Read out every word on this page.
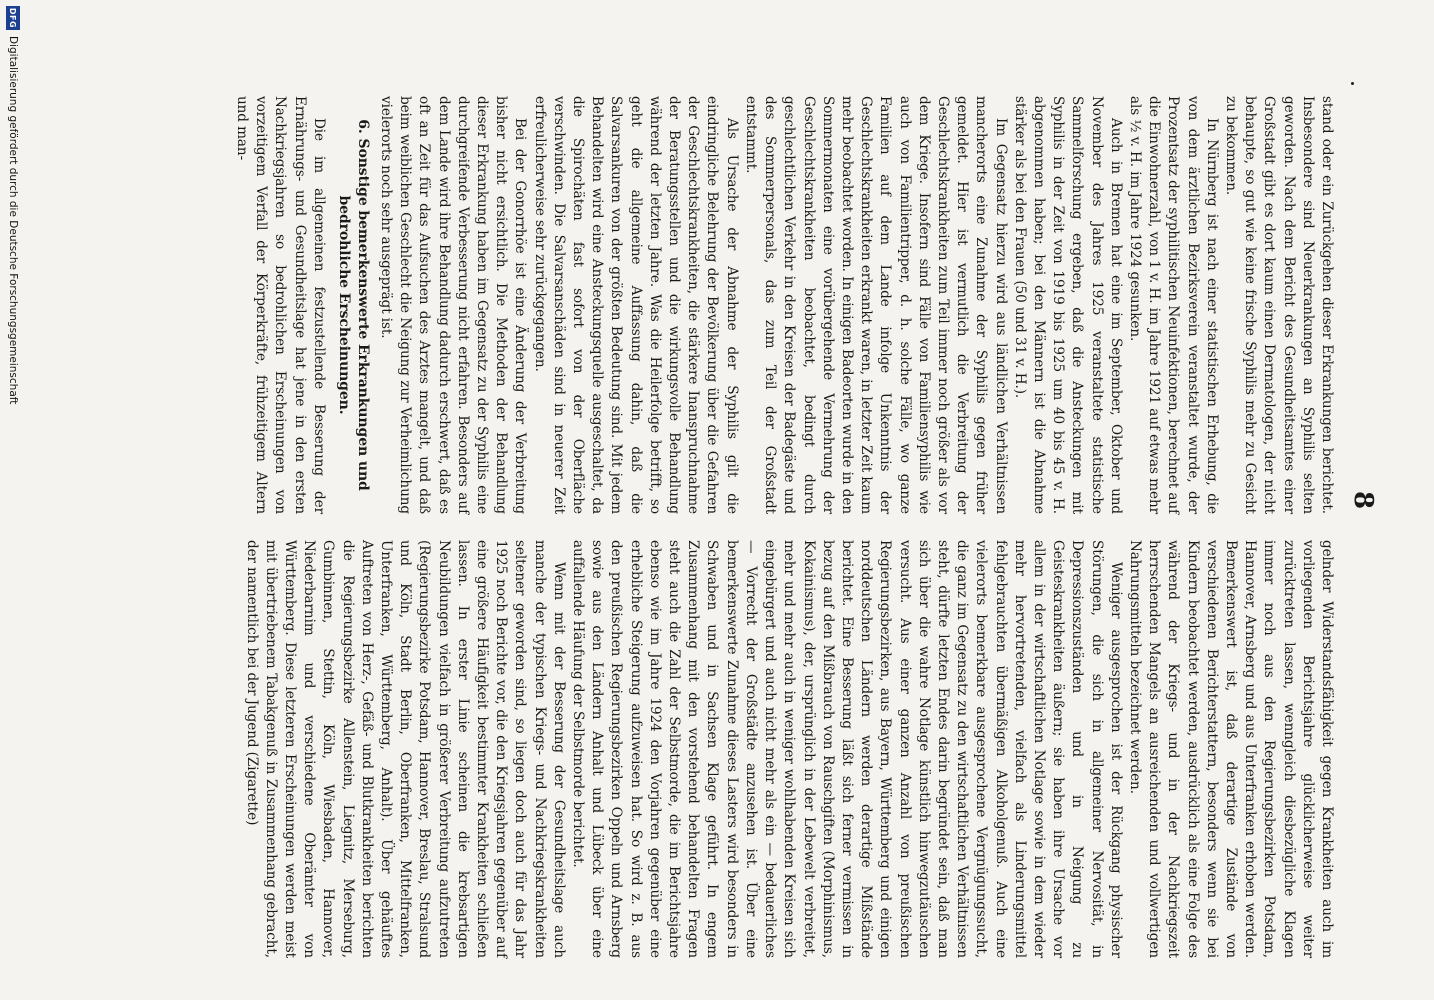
8

stand oder ein Zurückgehen dieser Erkrankungen berichtet. Insbesondere sind Neuerkrankungen an Syphilis selten geworden. Nach dem Bericht des Gesundheitsamtes einer Großstadt gibt es dort kaum einen Dermatologen, der nicht behaupte, so gut wie keine frische Syphilis mehr zu Gesicht zu bekommen.

In Nürnberg ist nach einer statistischen Erhebung, die von dem ärztlichen Bezirksverein veranstaltet wurde, der Prozentsatz der syphilitischen Neuinfektionen, berechnet auf die Einwohnerzahl, von 1 v. H. im Jahre 1921 auf etwas mehr als ½ v. H. im Jahre 1924 gesunken.

Auch in Bremen hat eine im September, Oktober und November des Jahres 1925 veranstaltete statistische Sammelforschung ergeben, daß die Ansteckungen mit Syphilis in der Zeit von 1919 bis 1925 um 40 bis 45 v. H. abgenommen haben; bei den Männern ist die Abnahme stärker als bei den Frauen (50 und 31 v. H.).

Im Gegensatz hierzu wird aus ländlichen Verhältnissen mancherorts eine Zunahme der Syphilis gegen früher gemeldet. Hier ist vermutlich die Verbreitung der Geschlechtskrankheiten zum Teil immer noch größer als vor dem Kriege. Insofern sind Fälle von Familiensyphilis wie auch von Familientripper, d. h. solche Fälle, wo ganze Familien auf dem Lande infolge Unkenntnis der Geschlechtskrankheiten erkrankt waren, in letzter Zeit kaum mehr beobachtet worden. In einigen Badeorten wurde in den Sommermonaten eine vorübergehende Vermehrung der Geschlechtskrankheiten beobachtet, bedingt durch geschlechtlichen Verkehr in den Kreisen der Badegäste und des Sommerpersonals, das zum Teil der Großstadt entstammt.

Als Ursache der Abnahme der Syphilis gilt die eindringliche Belehrung der Bevölkerung über die Gefahren der Geschlechtskrankheiten, die stärkere Inanspruchnahme der Beratungsstellen und die wirkungsvolle Behandlung während der letzten Jahre. Was die Heilerfolge betrifft, so geht die allgemeine Auffassung dahin, daß die Salvarsankuren von der größten Bedeutung sind. Mit jedem Behandelten wird eine Ansteckungsquelle ausgeschaltet, da die Spirochäten fast sofort von der Oberfläche verschwinden. Die Salvarsanschäden sind in neuerer Zeit erfreulicherweise sehr zurückgegangen.

Bei der Gonorrhöe ist eine Änderung der Verbreitung bisher nicht ersichtlich. Die Methoden der Behandlung dieser Erkrankung haben im Gegensatz zu der Syphilis eine durchgreifende Verbesserung nicht erfahren. Besonders auf dem Lande wird ihre Behandlung dadurch erschwert, daß es oft an Zeit für das Aufsuchen des Arztes mangelt, und daß beim weiblichen Geschlecht die Neigung zur Verheimlichung vielerorts noch sehr ausgeprägt ist.

6. Sonstige bemerkenswerte Erkrankungen und bedrohliche Erscheinungen.

Die im allgemeinen festzustellende Besserung der Ernährungs- und Gesundheitslage hat jene in den ersten Nachkriegsjahren so bedrohlichen Erscheinungen von vorzeitigem Verfall der Körperkräfte, frühzeitigem Altern und man-

gelnder Widerstandsfähigkeit gegen Krankheiten auch im vorliegenden Berichtsjahre glücklicherweise weiter zurücktreten lassen, wenngleich diesbezügliche Klagen immer noch aus den Regierungsbezirken Potsdam, Hannover, Arnsberg und aus Unterfranken erhoben werden. Bemerkenswert ist, daß derartige Zustände von verschiedenen Berichterstattern, besonders wenn sie bei Kindern beobachtet werden, ausdrücklich als eine Folge des während der Kriegs- und in der Nachkriegszeit herrschenden Mangels an ausreichenden und vollwertigen Nahrungsmitteln bezeichnet werden.

Weniger ausgesprochen ist der Rückgang physischer Störungen, die sich in allgemeiner Nervosität, in Depressionszuständen und in Neigung zu Geisteskrankheiten äußern; sie haben ihre Ursache vor allem in der wirtschaftlichen Notlage sowie in dem wieder mehr hervortretenden, vielfach als Linderungsmittel fehlgebrauchten übermäßigen Alkoholgenuß. Auch eine vielerorts bemerkbare ausgesprochene Vergnügungssucht, die ganz im Gegensatz zu den wirtschaftlichen Verhältnissen steht, dürfte letzten Endes darin begründet sein, daß man sich über die wahre Notlage künstlich hinwegzutäuschen versucht. Aus einer ganzen Anzahl von preußischen Regierungsbezirken, aus Bayern, Württemberg und einigen norddeutschen Ländern werden derartige Mißstände berichtet. Eine Besserung läßt sich ferner vermissen in bezug auf den Mißbrauch von Rauschgiften (Morphinismus, Kokainismus), der, ursprünglich in der Lebewelt verbreitet, mehr und mehr auch in weniger wohlhabenden Kreisen sich eingebürgert und auch nicht mehr als ein — bedauerliches — Vorrecht der Großstädte anzusehen ist. Über eine bemerkenswerte Zunahme dieses Lasters wird besonders in Schwaben und in Sachsen Klage geführt. In engem Zusammenhang mit den vorstehend behandelten Fragen steht auch die Zahl der Selbstmorde, die im Berichtsjahre ebenso wie im Jahre 1924 den Vorjahren gegenüber eine erhebliche Steigerung aufzuweisen hat. So wird z. B. aus den preußischen Regierungsbezirken Oppeln und Arnsberg sowie aus den Ländern Anhalt und Lübeck über eine auffallende Häufung der Selbstmorde berichtet.

Wenn mit der Besserung der Gesundheitslage auch manche der typischen Kriegs- und Nachkriegskrankheiten seltener geworden sind, so liegen doch auch für das Jahr 1925 noch Berichte vor, die den Kriegsjahren gegenüber auf eine größere Häufigkeit bestimmter Krankheiten schließen lassen. In erster Linie scheinen die krebsartigen Neubildungen vielfach in größerer Verbreitung aufzutreten (Regierungsbezirke Potsdam, Hannover, Breslau, Stralsund und Köln, Stadt Berlin, Oberfranken, Mittelfranken, Unterfranken, Württemberg, Anhalt). Über gehäuftes Auftreten von Herz-, Gefäß- und Blutkrankheiten berichten die Regierungsbezirke Allenstein, Liegnitz, Merseburg, Gumbinnen, Stettin, Köln, Wiesbaden, Hannover, Niederbarnim und verschiedene Oberämter von Württemberg. Diese letzteren Erscheinungen werden meist mit übertriebenem Tabakgenuß in Zusammenhang gebracht, der namentlich bei der Jugend (Zigarette)

DFG
Digitalisierung gefördert durch die Deutsche Forschungsgemeinschaft
